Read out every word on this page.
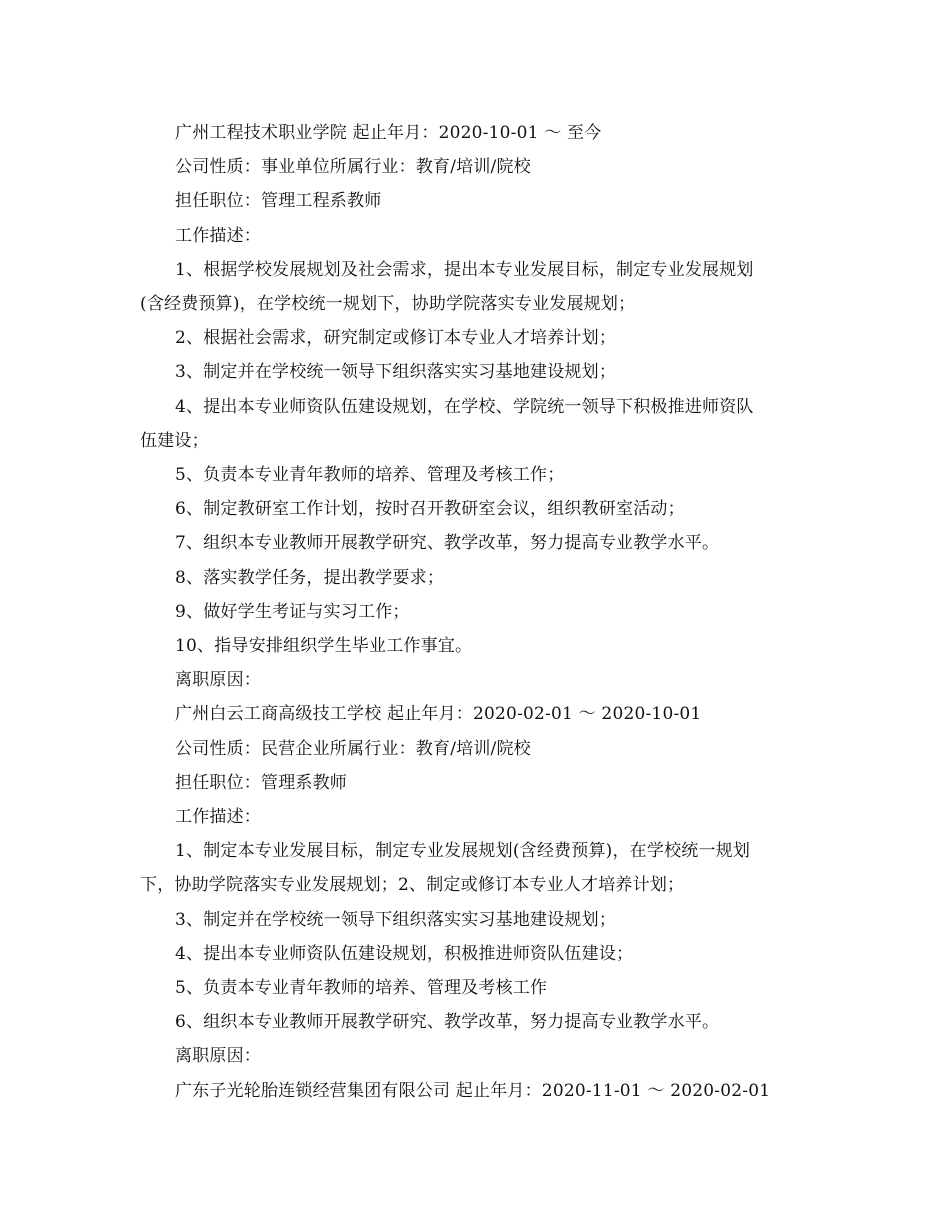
广州工程技术职业学院 起止年月：2020-10-01 ～ 至今
公司性质：事业单位所属行业：教育/培训/院校
担任职位：管理工程系教师
工作描述：
1、根据学校发展规划及社会需求，提出本专业发展目标，制定专业发展规划
(含经费预算)，在学校统一规划下，协助学院落实专业发展规划；
2、根据社会需求，研究制定或修订本专业人才培养计划；
3、制定并在学校统一领导下组织落实实习基地建设规划；
4、提出本专业师资队伍建设规划，在学校、学院统一领导下积极推进师资队
伍建设；
5、负责本专业青年教师的培养、管理及考核工作；
6、制定教研室工作计划，按时召开教研室会议，组织教研室活动；
7、组织本专业教师开展教学研究、教学改革，努力提高专业教学水平。
8、落实教学任务，提出教学要求；
9、做好学生考证与实习工作；
10、指导安排组织学生毕业工作事宜。
离职原因：
广州白云工商高级技工学校 起止年月：2020-02-01 ～ 2020-10-01
公司性质：民营企业所属行业：教育/培训/院校
担任职位：管理系教师
工作描述：
1、制定本专业发展目标，制定专业发展规划(含经费预算)，在学校统一规划
下，协助学院落实专业发展规划；2、制定或修订本专业人才培养计划；
3、制定并在学校统一领导下组织落实实习基地建设规划；
4、提出本专业师资队伍建设规划，积极推进师资队伍建设；
5、负责本专业青年教师的培养、管理及考核工作
6、组织本专业教师开展教学研究、教学改革，努力提高专业教学水平。
离职原因：
广东子光轮胎连锁经营集团有限公司 起止年月：2020-11-01 ～ 2020-02-01
